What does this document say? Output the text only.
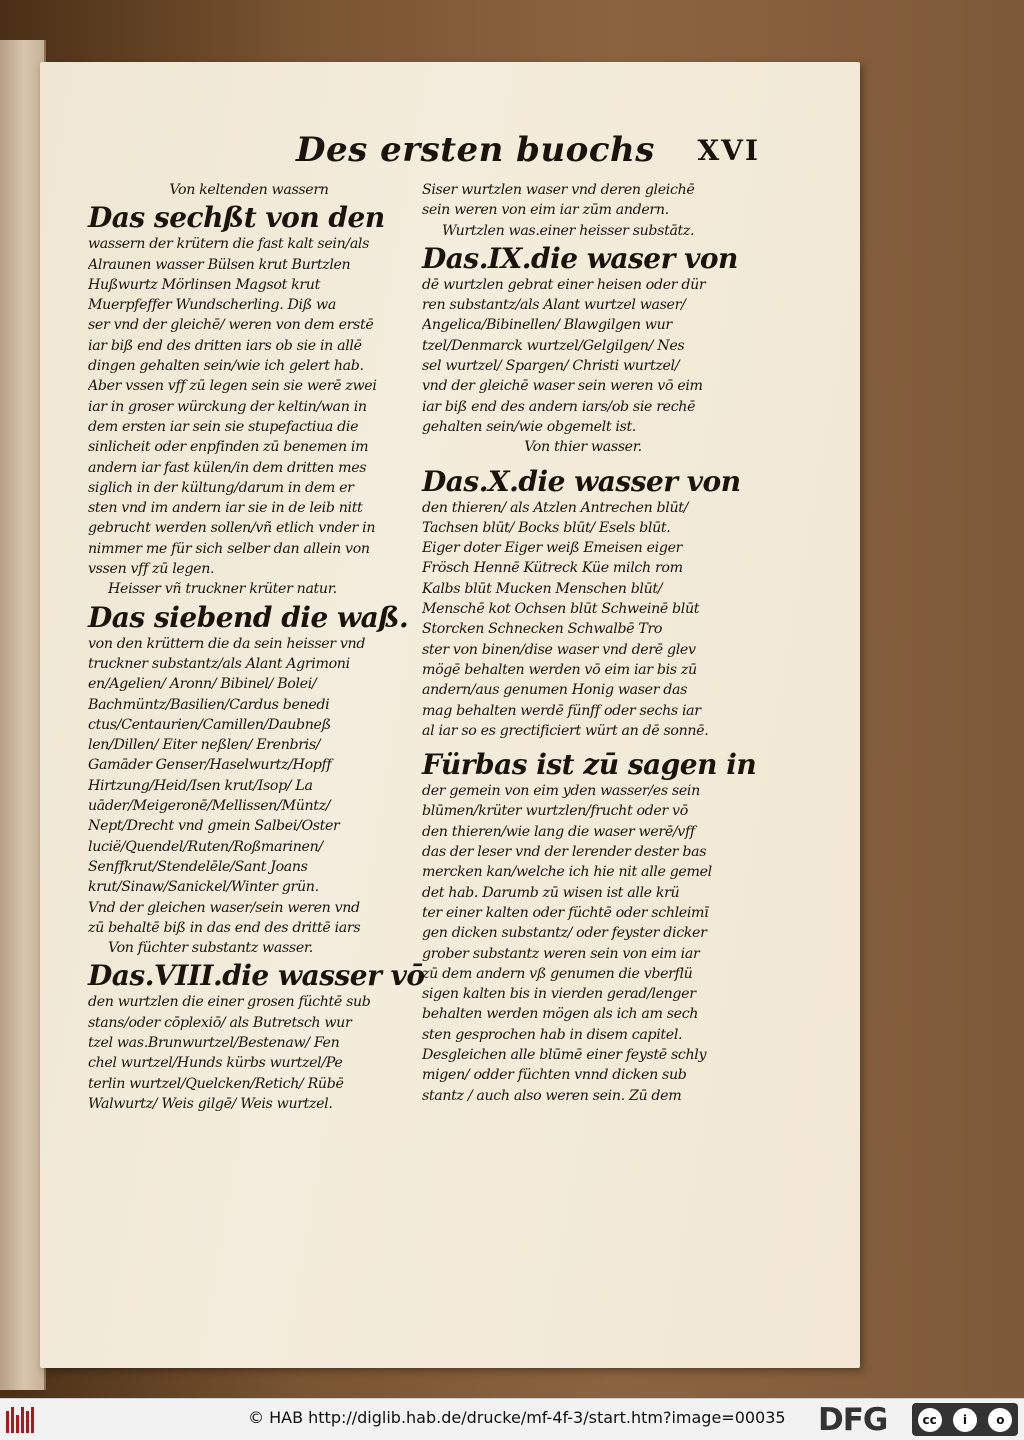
Des ersten buochs XVI
Von keltenden wassern
Das sechßt von den
wassern der krütern die fast kalt sein/als
Alraunen wasser Bülsen krut Burtzlen
Hußwurtz Mörlinsen Magsot krut
Muerpfeffer Wundscherling. Diß wa
ser vnd der gleichē/ weren von dem erstē
iar biß end des dritten iars ob sie in allē
dingen gehalten sein/wie ich gelert hab.
Aber vssen vff zū legen sein sie werē zwei
iar in groser würckung der keltin/wan in
dem ersten iar sein sie stupefactiua die
sinlicheit oder enpfinden zū benemen im
andern iar fast külen/in dem dritten mes
siglich in der kültung/darum in dem er
sten vnd im andern iar sie in de leib nitt
gebrucht werden sollen/vñ etlich vnder in
nimmer me für sich selber dan allein von
vssen vff zū legen.
Heisser vñ truckner krüter natur.
Das siebend die waß.
von den krüttern die da sein heisser vnd
truckner substantz/als Alant Agrimoni
en/Agelien/ Aronn/ Bibinel/ Bolei/
Bachmüntz/Basilien/Cardus benedi
ctus/Centaurien/Camillen/Daubneß
len/Dillen/ Eiter neßlen/ Erenbris/
Gamāder Genser/Haselwurtz/Hopff
Hirtzung/Heid/Isen krut/Isop/ La
uāder/Meigeronē/Mellissen/Müntz/
Nept/Drecht vnd gmein Salbei/Oster
lucië/Quendel/Ruten/Roßmarinen/
Senffkrut/Stendelēle/Sant Joans
krut/Sinaw/Sanickel/Winter grün.
Vnd der gleichen waser/sein weren vnd
zū behaltē biß in das end des drittē iars
Von füchter substantz wasser.
Das.VIII.die wasser vō
den wurtzlen die einer grosen füchtē sub
stans/oder cōplexiō/ als Butretsch wur
tzel was.Brunwurtzel/Bestenaw/ Fen
chel wurtzel/Hunds kürbs wurtzel/Pe
terlin wurtzel/Quelcken/Retich/ Rübē
Walwurtz/ Weis gilgē/ Weis wurtzel.
Siser wurtzlen waser vnd deren gleichē
sein weren von eim iar zūm andern.
Wurtzlen was.einer heisser substātz.
Das.IX.die waser von
dē wurtzlen gebrat einer heisen oder dür
ren substantz/als Alant wurtzel waser/
Angelica/Bibinellen/ Blawgilgen wur
tzel/Denmarck wurtzel/Gelgilgen/ Nes
sel wurtzel/ Spargen/ Christi wurtzel/
vnd der gleichē waser sein weren vō eim
iar biß end des andern iars/ob sie rechē
gehalten sein/wie obgemelt ist.
Von thier wasser.
Das.X.die wasser von
den thieren/ als Atzlen Antrechen blūt/
Tachsen blūt/ Bocks blūt/ Esels blūt.
Eiger doter Eiger weiß Emeisen eiger
Frösch Hennē Kütreck Küe milch rom
Kalbs blūt Mucken Menschen blūt/
Menschē kot Ochsen blūt Schweinē blūt
Storcken Schnecken Schwalbē Tro
ster von binen/dise waser vnd derē glev
mögē behalten werden vō eim iar bis zū
andern/aus genumen Honig waser das
mag behalten werdē fünff oder sechs iar
al iar so es grectificiert würt an dē sonnē.
Fürbas ist zū sagen in
der gemein von eim yden wasser/es sein
blūmen/krüter wurtzlen/frucht oder vō
den thieren/wie lang die waser werē/vff
das der leser vnd der lerender dester bas
mercken kan/welche ich hie nit alle gemel
det hab. Darumb zū wisen ist alle krü
ter einer kalten oder füchtē oder schleimī
gen dicken substantz/ oder feyster dicker
grober substantz weren sein von eim iar
zū dem andern vß genumen die vberflü
sigen kalten bis in vierden gerad/lenger
behalten werden mögen als ich am sech
sten gesprochen hab in disem capitel.
Desgleichen alle blūmē einer feystē schly
migen/ odder füchten vnnd dicken sub
stantz / auch also weren sein. Zū dem
© HAB http://diglib.hab.de/drucke/mf-4f-3/start.htm?image=00035 DFG	cc	i	o
